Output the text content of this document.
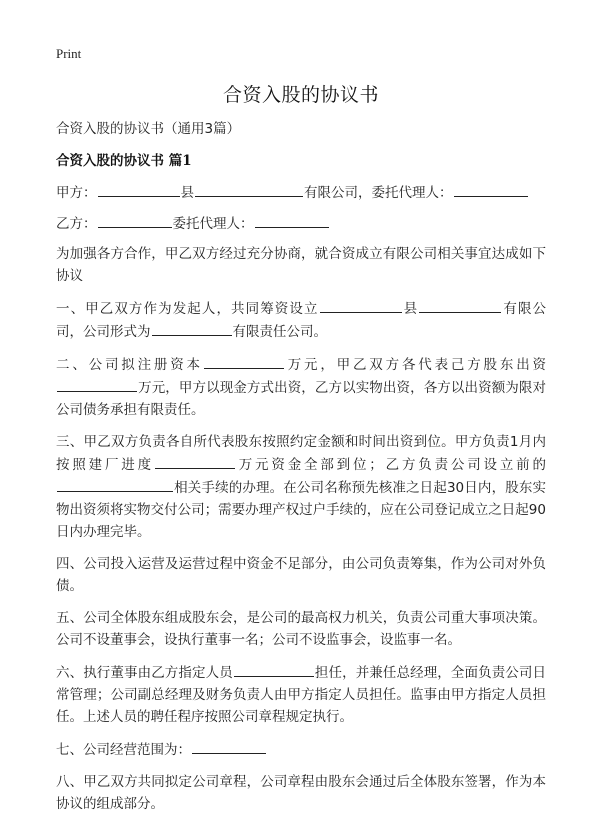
Print
合资入股的协议书
合资入股的协议书（通用3篇）
合资入股的协议书 篇1
甲方：	县	有限公司，委托代理人：
乙方：	委托代理人：
为加强各方合作，甲乙双方经过充分协商，就合资成立有限公司相关事宜达成如下协议
一、甲乙双方作为发起人，共同筹资设立	县	有限公司，公司形式为	有限责任公司。
二、公司拟注册资本	万元，甲乙双方各代表己方股东出资万元，甲方以现金方式出资，乙方以实物出资，各方以出资额为限对公司债务承担有限责任。
三、甲乙双方负责各自所代表股东按照约定金额和时间出资到位。甲方负责1月内按照建厂进度	万元资金全部到位；乙方负责公司设立前的相关手续的办理。在公司名称预先核准之日起30日内，股东实物出资须将实物交付公司；需要办理产权过户手续的，应在公司登记成立之日起90日内办理完毕。
四、公司投入运营及运营过程中资金不足部分，由公司负责筹集，作为公司对外负债。
五、公司全体股东组成股东会，是公司的最高权力机关，负责公司重大事项决策。公司不设董事会，设执行董事一名；公司不设监事会，设监事一名。
六、执行董事由乙方指定人员	担任，并兼任总经理，全面负责公司日常管理；公司副总经理及财务负责人由甲方指定人员担任。监事由甲方指定人员担任。上述人员的聘任程序按照公司章程规定执行。
七、公司经营范围为：
八、甲乙双方共同拟定公司章程，公司章程由股东会通过后全体股东签署，作为本协议的组成部分。
